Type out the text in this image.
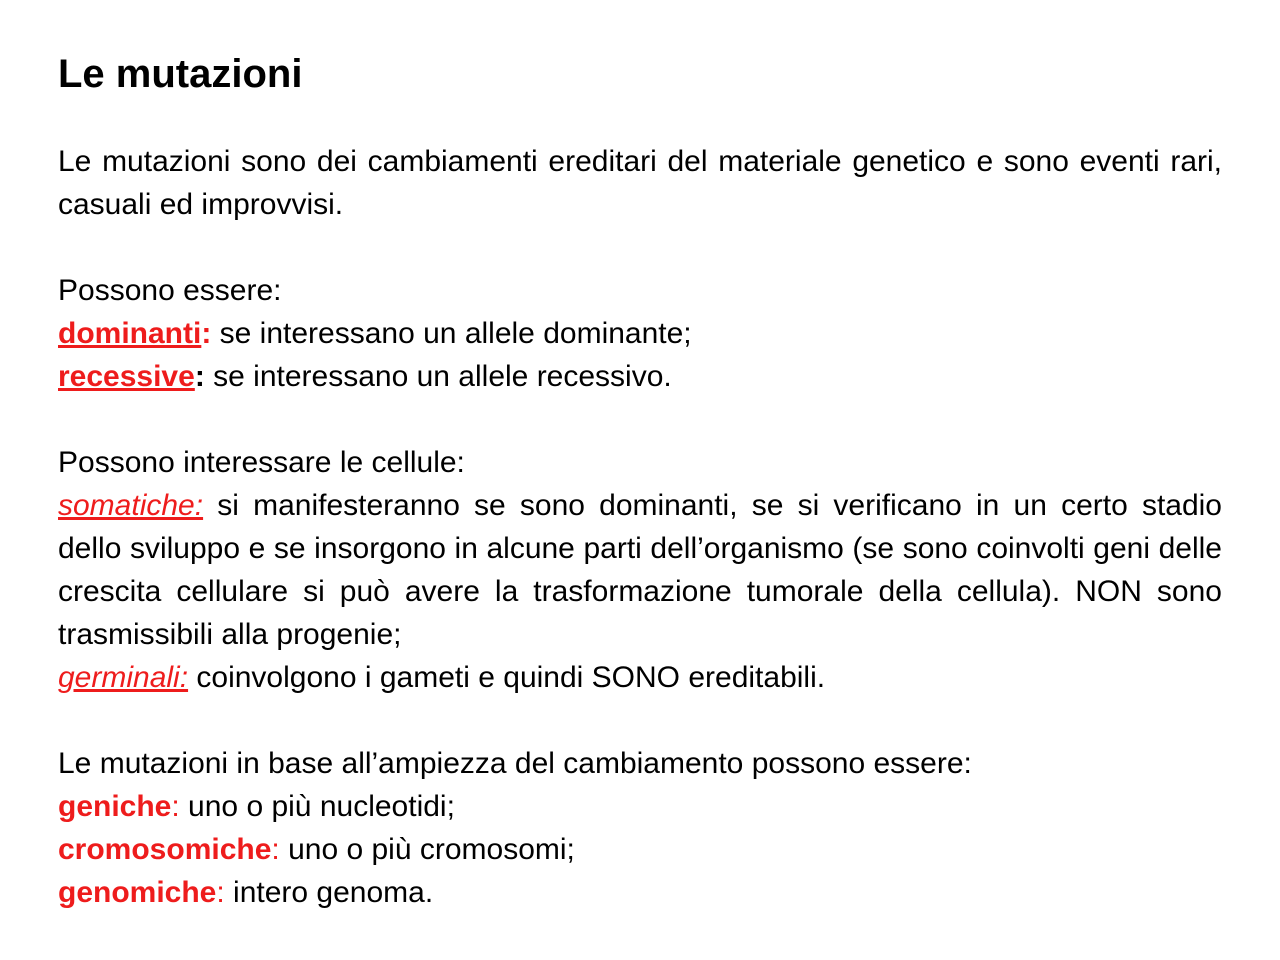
Le mutazioni

Le mutazioni sono dei cambiamenti ereditari del materiale genetico e sono eventi rari, casuali ed improvvisi.

Possono essere:

dominanti: se interessano un allele dominante;

recessive: se interessano un allele recessivo.

Possono interessare le cellule:

somatiche: si manifesteranno se sono dominanti, se si verificano in un certo stadio dello sviluppo e se insorgono in alcune parti dell’organismo (se sono coinvolti geni delle crescita cellulare si può avere la trasformazione tumorale della cellula). NON sono trasmissibili alla progenie;

germinali: coinvolgono i gameti e quindi SONO ereditabili.

Le mutazioni in base all’ampiezza del cambiamento possono essere:

geniche: uno o più nucleotidi;

cromosomiche: uno o più cromosomi;

genomiche: intero genoma.
